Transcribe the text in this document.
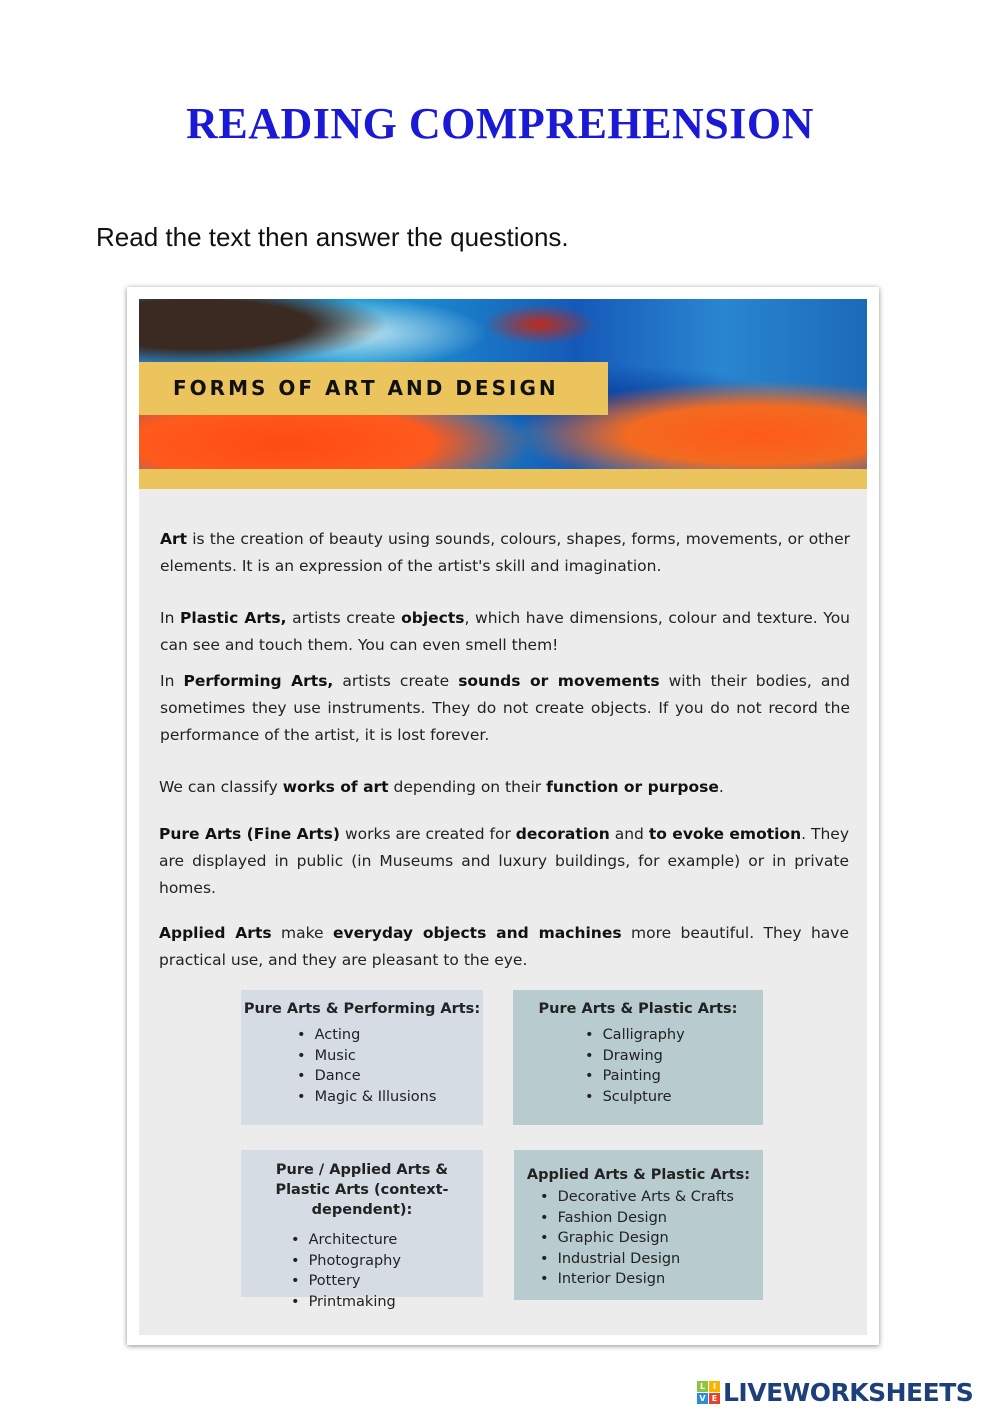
READING COMPREHENSION
Read the text then answer the questions.
FORMS OF ART AND DESIGN
Art is the creation of beauty using sounds, colours, shapes, forms, movements, or other elements. It is an expression of the artist's skill and imagination.
In Plastic Arts, artists create objects, which have dimensions, colour and texture. You can see and touch them. You can even smell them!
In Performing Arts, artists create sounds or movements with their bodies, and sometimes they use instruments. They do not create objects. If you do not record the performance of the artist, it is lost forever.
We can classify works of art depending on their function or purpose.
Pure Arts (Fine Arts) works are created for decoration and to evoke emotion. They are displayed in public (in Museums and luxury buildings, for example) or in private homes.
Applied Arts make everyday objects and machines more beautiful. They have practical use, and they are pleasant to the eye.
Pure Arts & Performing Arts:
• Acting
• Music
• Dance
• Magic & Illusions
Pure Arts & Plastic Arts:
• Calligraphy
• Drawing
• Painting
• Sculpture
Pure / Applied Arts & Plastic Arts (context-dependent):
• Architecture
• Photography
• Pottery
• Printmaking
Applied Arts & Plastic Arts:
• Decorative Arts & Crafts
• Fashion Design
• Graphic Design
• Industrial Design
• Interior Design
L I
V E LIVEWORKSHEETS
